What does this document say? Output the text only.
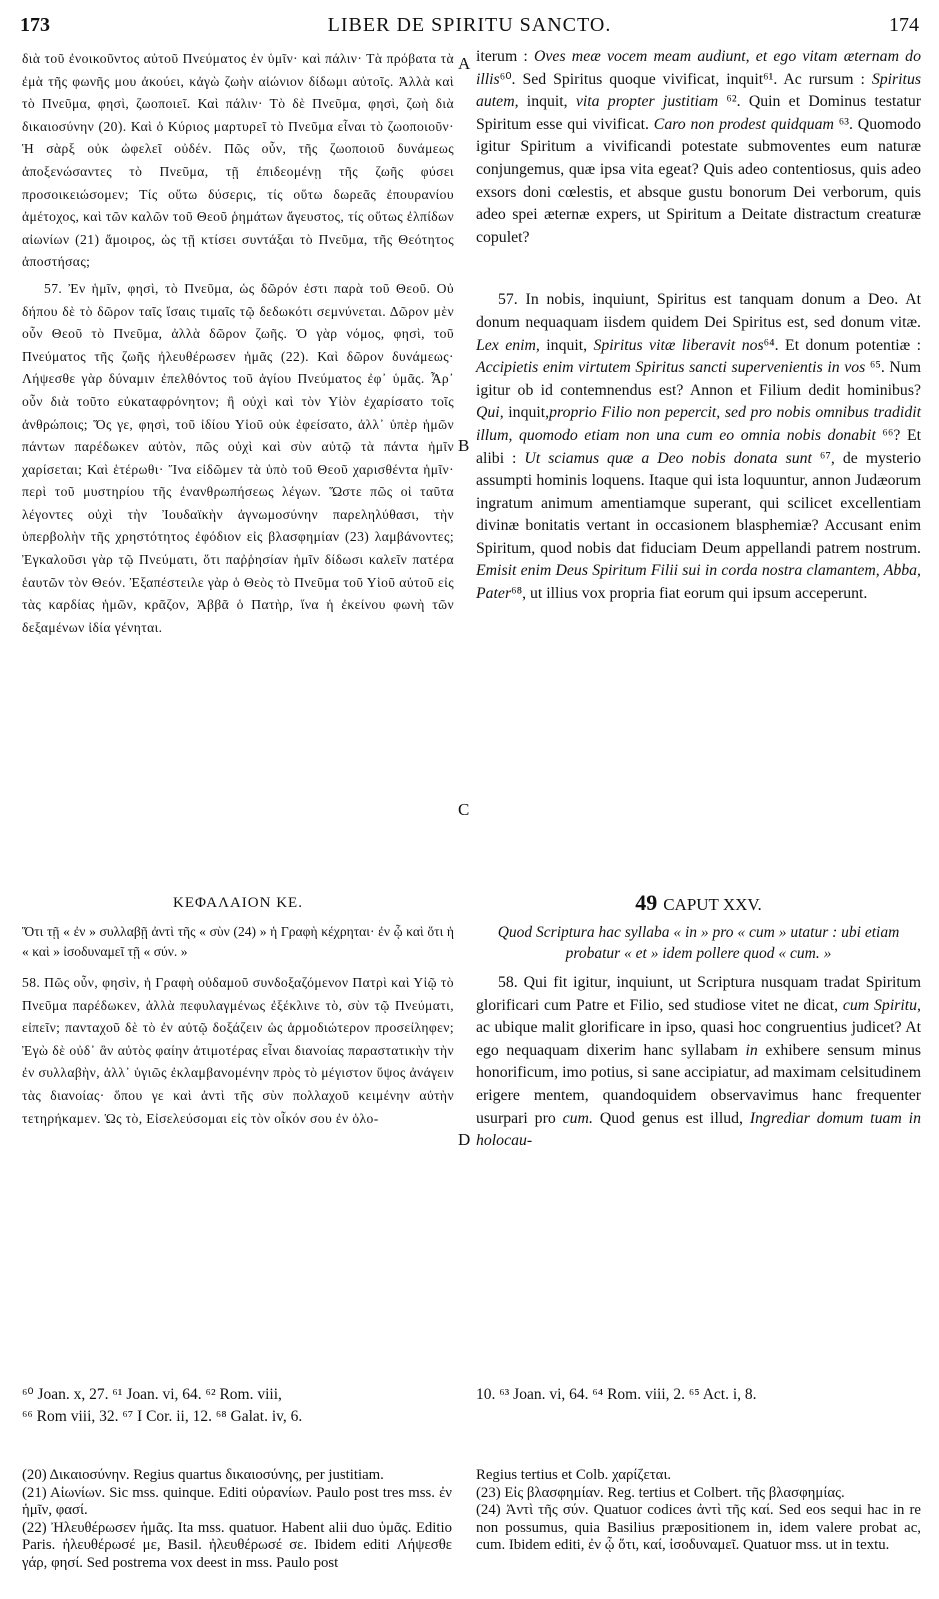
173	LIBER DE SPIRITU SANCTO.	174

διὰ τοῦ ἐνοικοῦντος αὐτοῦ Πνεύματος ἐν ὑμῖν· καὶ πάλιν· Τὰ πρόβατα τὰ ἐμὰ τῆς φωνῆς μου ἀκούει, κἀγὼ ζωὴν αἰώνιον δίδωμι αὐτοῖς. Ἀλλὰ καὶ τὸ Πνεῦμα, φησὶ, ζωοποιεῖ. Καὶ πάλιν· Τὸ δὲ Πνεῦμα, φησὶ, ζωὴ διὰ δικαιοσύνην (20). Καὶ ὁ Κύριος μαρτυρεῖ τὸ Πνεῦμα εἶναι τὸ ζωοποιοῦν· Ἡ σὰρξ οὐκ ὠφελεῖ οὐδέν. Πῶς οὖν, τῆς ζωοποιοῦ δυνάμεως ἀποξενώσαντες τὸ Πνεῦμα, τῇ ἐπιδεομένῃ τῆς ζωῆς φύσει προσοικειώσομεν; Τίς οὕτω δύσερις, τίς οὕτω δωρεᾶς ἐπουρανίου ἀμέτοχος, καὶ τῶν καλῶν τοῦ Θεοῦ ῥημάτων ἄγευστος, τίς οὕτως ἐλπίδων αἰωνίων (21) ἄμοιρος, ὡς τῇ κτίσει συντάξαι τὸ Πνεῦμα, τῆς Θεότητος ἀποστήσας;

57. Ἐν ἡμῖν, φησὶ, τὸ Πνεῦμα, ὡς δῶρόν ἐστι παρὰ τοῦ Θεοῦ. Οὐ δήπου δὲ τὸ δῶρον ταῖς ἴσαις τιμαῖς τῷ δεδωκότι σεμνύνεται. Δῶρον μὲν οὖν Θεοῦ τὸ Πνεῦμα, ἀλλὰ δῶρον ζωῆς. Ὁ γὰρ νόμος, φησὶ, τοῦ Πνεύματος τῆς ζωῆς ἠλευθέρωσεν ἡμᾶς (22). Καὶ δῶρον δυνάμεως· Λήψεσθε γὰρ δύναμιν ἐπελθόντος τοῦ ἁγίου Πνεύματος ἐφ᾽ ὑμᾶς. Ἆρ᾽ οὖν διὰ τοῦτο εὐκαταφρόνητον; ἢ οὐχὶ καὶ τὸν Υἱὸν ἐχαρίσατο τοῖς ἀνθρώποις; Ὅς γε, φησὶ, τοῦ ἰδίου Υἱοῦ οὐκ ἐφείσατο, ἀλλ᾽ ὑπὲρ ἡμῶν πάντων παρέδωκεν αὐτὸν, πῶς οὐχὶ καὶ σὺν αὐτῷ τὰ πάντα ἡμῖν χαρίσεται; Καὶ ἑτέρωθι· Ἵνα εἰδῶμεν τὰ ὑπὸ τοῦ Θεοῦ χαρισθέντα ἡμῖν· περὶ τοῦ μυστηρίου τῆς ἐνανθρωπήσεως λέγων. Ὥστε πῶς οἱ ταῦτα λέγοντες οὐχὶ τὴν Ἰουδαϊκὴν ἀγνωμοσύνην παρεληλύθασι, τὴν ὑπερβολὴν τῆς χρηστότητος ἐφόδιον εἰς βλασφημίαν (23) λαμβάνοντες; Ἐγκαλοῦσι γὰρ τῷ Πνεύματι, ὅτι παῤῥησίαν ἡμῖν δίδωσι καλεῖν πατέρα ἑαυτῶν τὸν Θεόν. Ἐξαπέστειλε γὰρ ὁ Θεὸς τὸ Πνεῦμα τοῦ Υἱοῦ αὐτοῦ εἰς τὰς καρδίας ἡμῶν, κρᾶζον, Ἀββᾶ ὁ Πατὴρ, ἵνα ἡ ἐκείνου φωνὴ τῶν δεξαμένων ἰδία γένηται.

iterum : Oves meæ vocem meam audiunt, et ego vitam æternam do illis⁶⁰. Sed Spiritus quoque vivificat, inquit⁶¹. Ac rursum : Spiritus autem, inquit, vita propter justitiam ⁶². Quin et Dominus testatur Spiritum esse qui vivificat. Caro non prodest quidquam ⁶³. Quomodo igitur Spiritum a vivificandi potestate submoventes eum naturæ conjungemus, quæ ipsa vita egeat? Quis adeo contentiosus, quis adeo exsors doni cœlestis, et absque gustu bonorum Dei verborum, quis adeo spei æternæ expers, ut Spiritum a Deitate distractum creaturæ copulet?

57. In nobis, inquiunt, Spiritus est tanquam donum a Deo. At donum nequaquam iisdem quidem Dei Spiritus est, sed donum vitæ. Lex enim, inquit, Spiritus vitæ liberavit nos⁶⁴. Et donum potentiæ : Accipietis enim virtutem Spiritus sancti supervenientis in vos ⁶⁵. Num igitur ob id contemnendus est? Annon et Filium dedit hominibus? Qui, inquit,proprio Filio non pepercit, sed pro nobis omnibus tradidit illum, quomodo etiam non una cum eo omnia nobis donabit ⁶⁶? Et alibi : Ut sciamus quæ a Deo nobis donata sunt ⁶⁷, de mysterio assumpti hominis loquens. Itaque qui ista loquuntur, annon Judæorum ingratum animum amentiamque superant, qui scilicet excellentiam divinæ bonitatis vertant in occasionem blasphemiæ? Accusant enim Spiritum, quod nobis dat fiduciam Deum appellandi patrem nostrum. Emisit enim Deus Spiritum Filii sui in corda nostra clamantem, Abba, Pater⁶⁸, ut illius vox propria fiat eorum qui ipsum acceperunt.

A
B
C
D
ΚΕΦΑΛΑΙΟΝ ΚΕ.	49 CAPUT XXV.
Ὅτι τῇ « ἐν » συλλαβῇ ἀντὶ τῆς « σὺν (24) » ἡ Γραφὴ κέχρηται· ἐν ᾧ καὶ ὅτι ἡ « καὶ » ἰσοδυναμεῖ τῇ « σύν. »
Quod Scriptura hac syllaba « in » pro « cum » utatur : ubi etiam probatur « et » idem pollere quod « cum. »
58. Πῶς οὖν, φησὶν, ἡ Γραφὴ οὐδαμοῦ συνδοξαζόμενον Πατρὶ καὶ Υἱῷ τὸ Πνεῦμα παρέδωκεν, ἀλλὰ πεφυλαγμένως ἐξέκλινε τὸ, σὺν τῷ Πνεύματι, εἰπεῖν; πανταχοῦ δὲ τὸ ἐν αὐτῷ δοξάζειν ὡς ἁρμοδιώτερον προσείληφεν; Ἐγὼ δὲ οὐδ᾽ ἂν αὐτὸς φαίην ἀτιμοτέρας εἶναι διανοίας παραστατικὴν τὴν ἐν συλλαβὴν, ἀλλ᾽ ὑγιῶς ἐκλαμβανομένην πρὸς τὸ μέγιστον ὕψος ἀνάγειν τὰς διανοίας· ὅπου γε καὶ ἀντὶ τῆς σὺν πολλαχοῦ κειμένην αὐτὴν τετηρήκαμεν. Ὡς τὸ, Εἰσελεύσομαι εἰς τὸν οἶκόν σου ἐν ὁλο-

58. Qui fit igitur, inquiunt, ut Scriptura nusquam tradat Spiritum glorificari cum Patre et Filio, sed studiose vitet ne dicat, cum Spiritu, ac ubique malit glorificare in ipso, quasi hoc congruentius judicet? At ego nequaquam dixerim hanc syllabam in exhibere sensum minus honorificum, imo potius, si sane accipiatur, ad maximam celsitudinem erigere mentem, quandoquidem observavimus hanc frequenter usurpari pro cum. Quod genus est illud, Ingrediar domum tuam in holocau-

⁶⁰ Joan. x, 27. ⁶¹ Joan. vi, 64. ⁶² Rom. viii,	10. ⁶³ Joan. vi, 64. ⁶⁴ Rom. viii, 2. ⁶⁵ Act. i, 8.
⁶⁶ Rom viii, 32. ⁶⁷ I Cor. ii, 12. ⁶⁸ Galat. iv, 6.

(20) Δικαιοσύνην. Regius quartus δικαιοσύνης, per justitiam.

(21) Αἰωνίων. Sic mss. quinque. Editi οὐρανίων. Paulo post tres mss. ἐν ἡμῖν, φασί.

(22) Ἠλευθέρωσεν ἡμᾶς. Ita mss. quatuor. Habent alii duo ὑμᾶς. Editio Paris. ἠλευθέρωσέ με, Basil. ἠλευθέρωσέ σε. Ibidem editi Λήψεσθε γάρ, φησί. Sed postrema vox deest in mss. Paulo post

Regius tertius et Colb. χαρίζεται.

(23) Εἰς βλασφημίαν. Reg. tertius et Colbert. τῆς βλασφημίας.

(24) Ἀντὶ τῆς σύν. Quatuor codices ἀντὶ τῆς καί. Sed eos sequi hac in re non possumus, quia Basilius præpositionem in, idem valere probat ac, cum. Ibidem editi, ἐν ᾧ ὅτι, καί, ἰσοδυναμεῖ. Quatuor mss. ut in textu.
